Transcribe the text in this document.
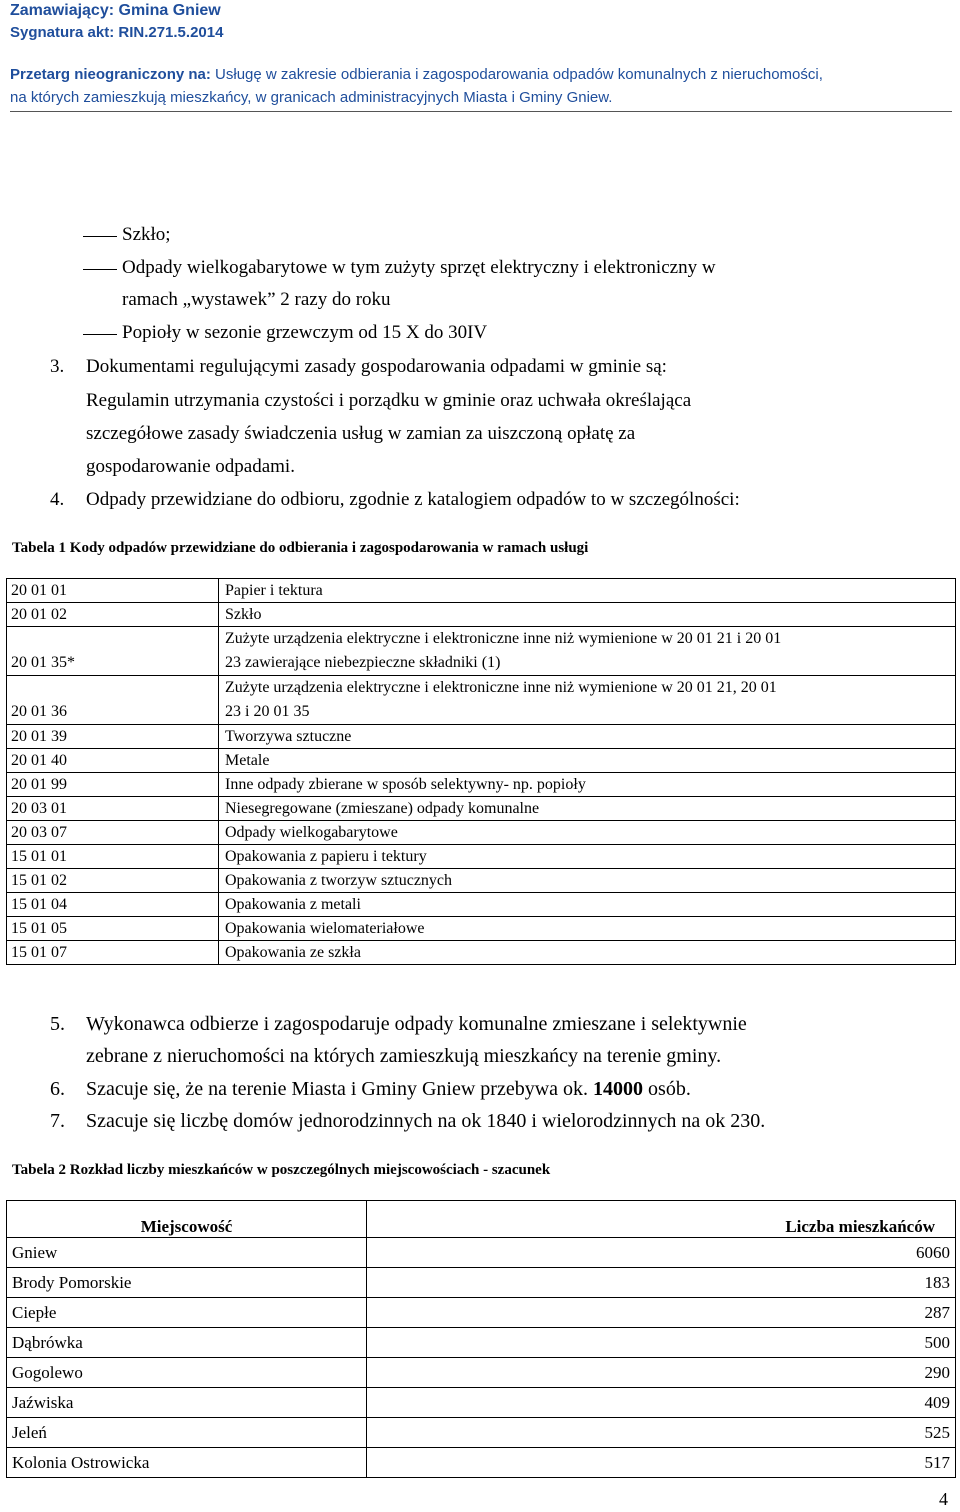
Zamawiający: Gmina Gniew
Sygnatura akt: RIN.271.5.2014
Przetarg nieograniczony na: Usługę w zakresie odbierania i zagospodarowania odpadów komunalnych z nieruchomości,
na których zamieszkują mieszkańcy, w granicach administracyjnych Miasta i Gminy Gniew.
Szkło;
Odpady wielkogabarytowe w tym zużyty sprzęt elektryczny i elektroniczny w
ramach „wystawek” 2 razy do roku
Popioły w sezonie grzewczym od 15 X do 30IV
3. Dokumentami regulującymi zasady gospodarowania odpadami w gminie są:
Regulamin utrzymania czystości i porządku w gminie oraz uchwała określająca
szczegółowe zasady świadczenia usług w zamian za uiszczoną opłatę za
gospodarowanie odpadami.
4. Odpady przewidziane do odbioru, zgodnie z katalogiem odpadów to w szczególności:
Tabela 1 Kody odpadów przewidziane do odbierania i zagospodarowania w ramach usługi
20 01 01	Papier i tektura
20 01 02	Szkło
20 01 35*	Zużyte urządzenia elektryczne i elektroniczne inne niż wymienione w 20 01 21 i 20 01
23 zawierające niebezpieczne składniki (1)

20 01 36	Zużyte urządzenia elektryczne i elektroniczne inne niż wymienione w 20 01 21, 20 01
23 i 20 01 35

20 01 39	Tworzywa sztuczne
20 01 40	Metale
20 01 99	Inne odpady zbierane w sposób selektywny- np. popioły
20 03 01	Niesegregowane (zmieszane) odpady komunalne
20 03 07	Odpady wielkogabarytowe
15 01 01	Opakowania z papieru i tektury
15 01 02	Opakowania z tworzyw sztucznych
15 01 04	Opakowania z metali
15 01 05	Opakowania wielomateriałowe
15 01 07	Opakowania ze szkła
5. Wykonawca odbierze i zagospodaruje odpady komunalne zmieszane i selektywnie
zebrane z nieruchomości na których zamieszkują mieszkańcy na terenie gminy.
6. Szacuje się, że na terenie Miasta i Gminy Gniew przebywa ok. 14000 osób.
7. Szacuje się liczbę domów jednorodzinnych na ok 1840 i wielorodzinnych na ok 230.
Tabela 2 Rozkład liczby mieszkańców w poszczególnych miejscowościach - szacunek
Miejscowość	Liczba mieszkańców
Gniew	6060
Brody Pomorskie	183
Ciepłe	287
Dąbrówka	500
Gogolewo	290
Jaźwiska	409
Jeleń	525
Kolonia Ostrowicka	517
4
